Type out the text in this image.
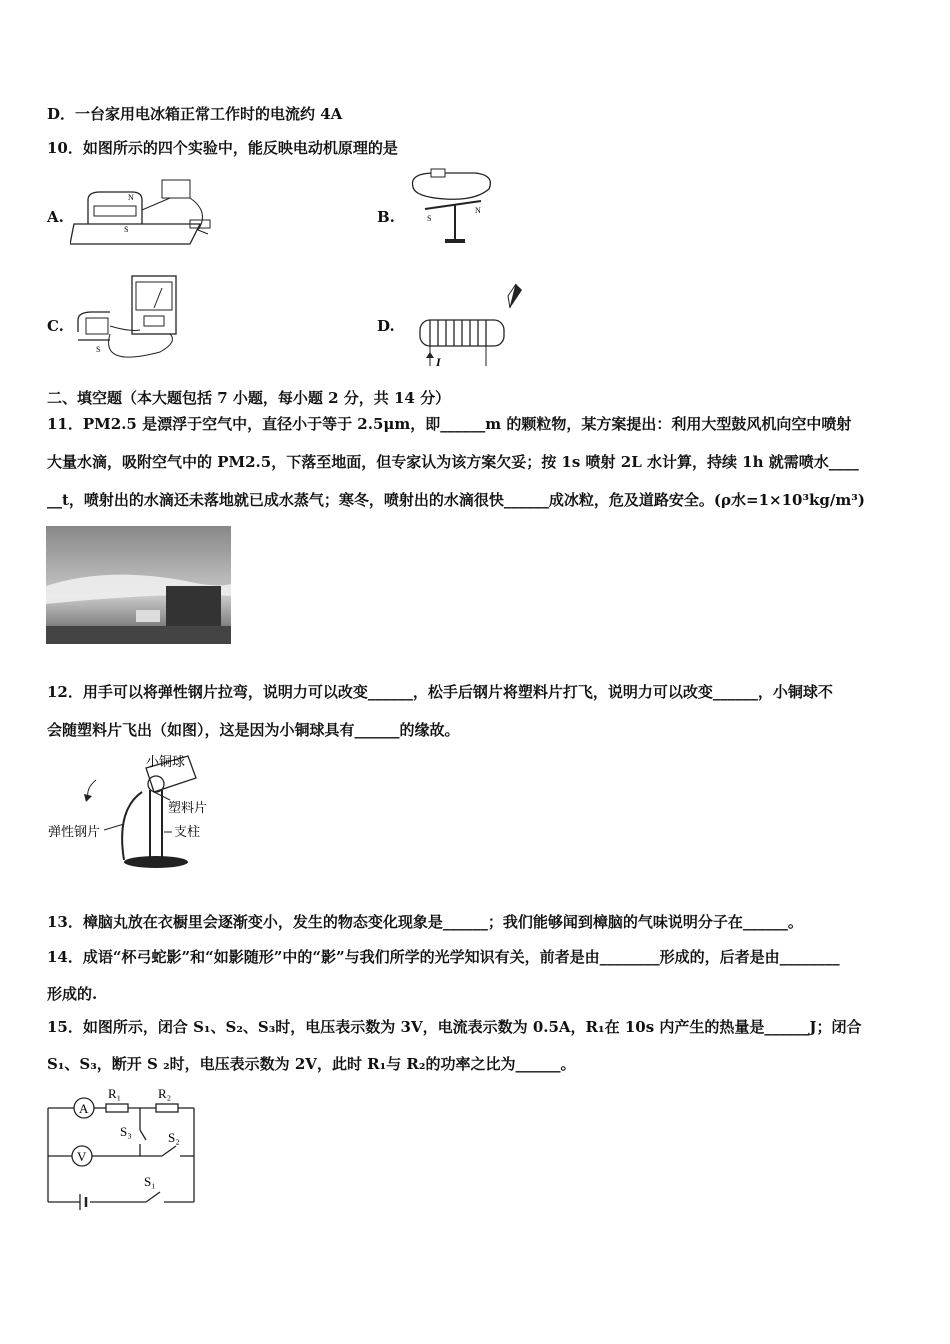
D．一台家用电冰箱正常工作时的电流约 4A
10．如图所示的四个实验中，能反映电动机原理的是
A.
N
S
B.	S
N
C.
S
D.
I
二、填空题（本大题包括 7 小题，每小题 2 分，共 14 分）
11．PM2.5 是漂浮于空气中，直径小于等于 2.5μm，即______m 的颗粒物，某方案提出：利用大型鼓风机向空中喷射
大量水滴，吸附空气中的 PM2.5，下落至地面，但专家认为该方案欠妥；按 1s 喷射 2L 水计算，持续 1h 就需喷水____
__t，喷射出的水滴还未落地就已成水蒸气；寒冬，喷射出的水滴很快______成冰粒，危及道路安全。(ρ水=1×10³kg/m³)
12．用手可以将弹性钢片拉弯，说明力可以改变______，松手后钢片将塑料片打飞，说明力可以改变______，小铜球不
会随塑料片飞出（如图），这是因为小铜球具有______的缘故。
小铜球
塑料片
支柱
弹性钢片
13．樟脑丸放在衣橱里会逐渐变小，发生的物态变化现象是______；我们能够闻到樟脑的气味说明分子在______。
14．成语“杯弓蛇影”和“如影随形”中的“影”与我们所学的光学知识有关，前者是由________形成的，后者是由________
形成的.
15．如图所示，闭合 S₁、S₂、S₃时，电压表示数为 3V，电流表示数为 0.5A，R₁在 10s 内产生的热量是______J；闭合
S₁、S₃，断开 S ₂时，电压表示数为 2V，此时 R₁与 R₂的功率之比为______。
A
V
R₁	R₂
S₃	S₂
S₁
